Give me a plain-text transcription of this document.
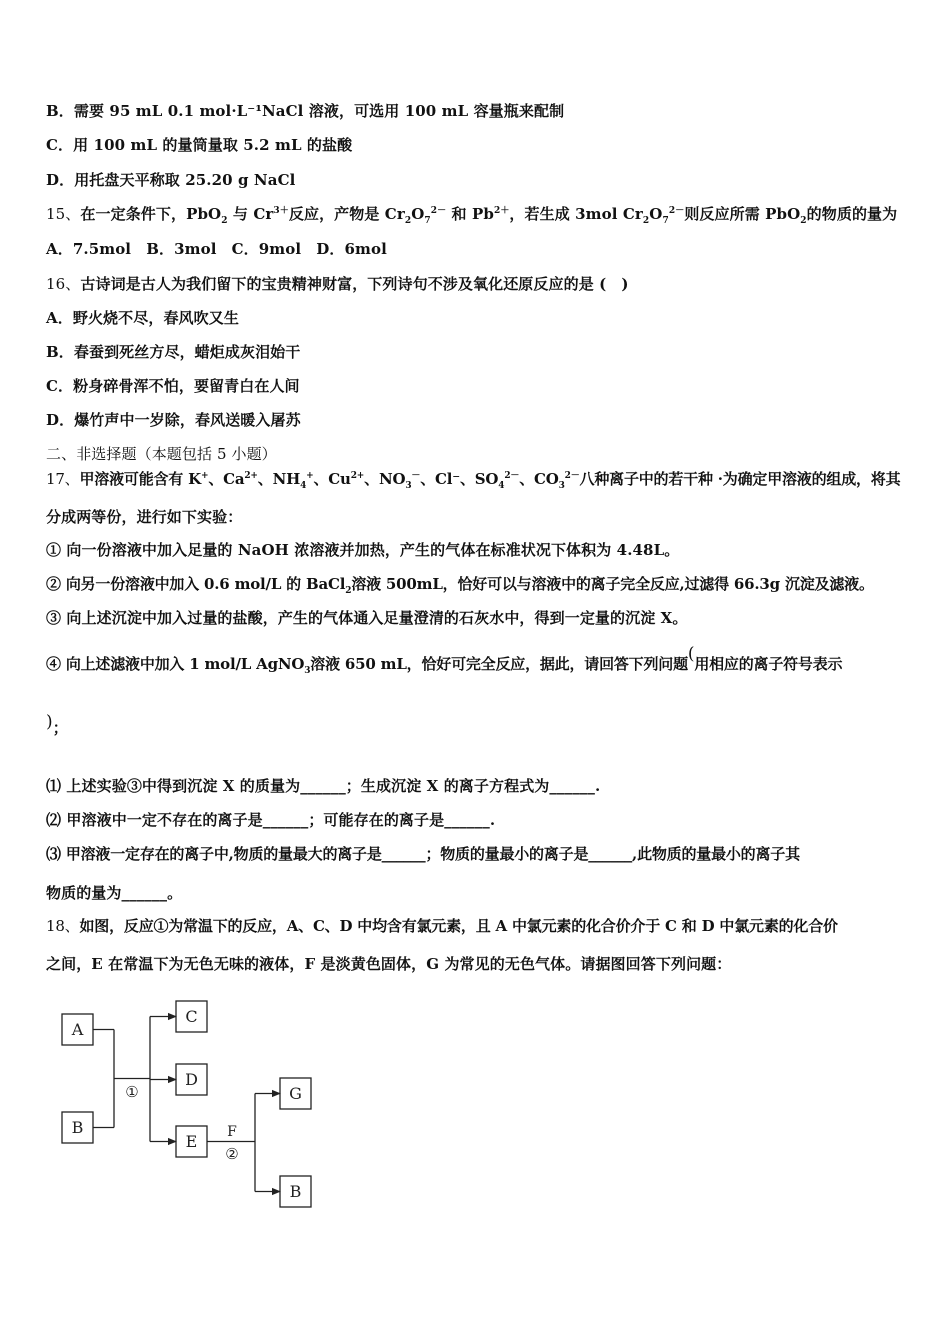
B．需要 95 mL 0.1 mol·L⁻¹NaCl 溶液，可选用 100 mL 容量瓶来配制
C．用 100 mL 的量筒量取 5.2 mL 的盐酸
D．用托盘天平称取 25.20 g NaCl
15、在一定条件下，PbO$_2$ 与 $Cr^{3+}$反应，产物是 $Cr_2O_7^{2-}$ 和 $Pb^{2+}$，若生成 3mol $Cr_2O_7^{2-}$则反应所需 PbO$_2$的物质的量为
A．7.5mol　B．3mol　C．9mol　D．6mol
16、古诗词是古人为我们留下的宝贵精神财富，下列诗句不涉及氧化还原反应的是 (　)
A．野火烧不尽，春风吹又生
B．春蚕到死丝方尽，蜡炬成灰泪始干
C．粉身碎骨浑不怕，要留青白在人间
D．爆竹声中一岁除，春风送暖入屠苏
二、非选择题（本题包括 5 小题）
17、甲溶液可能含有 K+、$Ca^{2+}$、$NH_4^+$、$Cu^{2+}$、$NO_3^-$、Cl⁻、$SO_4^{2-}$、$CO_3^{2-}$八种离子中的若干种 ·为确定甲溶液的组成，将其
分成两等份，进行如下实验：
① 向一份溶液中加入足量的 NaOH 浓溶液并加热，产生的气体在标准状况下体积为 4.48L。
② 向另一份溶液中加入 0.6 mol/L 的 BaCl$_2$溶液 500mL，恰好可以与溶液中的离子完全反应,过滤得 66.3g 沉淀及滤液。
③ 向上述沉淀中加入过量的盐酸，产生的气体通入足量澄清的石灰水中，得到一定量的沉淀 X。
④ 向上述滤液中加入 1 mol/L AgNO$_3$溶液 650 mL，恰好可完全反应，据此，请回答下列问题(用相应的离子符号表示
)；
⑴ 上述实验③中得到沉淀 X 的质量为______；生成沉淀 X 的离子方程式为______.
⑵ 甲溶液中一定不存在的离子是______；可能存在的离子是______.
⑶ 甲溶液一定存在的离子中,物质的量最大的离子是______；物质的量最小的离子是______,此物质的量最小的离子其
物质的量为______。
18、如图，反应①为常温下的反应，A、C、D 中均含有氯元素，且 A 中氯元素的化合价介于 C 和 D 中氯元素的化合价
之间，E 在常温下为无色无味的液体，F 是淡黄色固体，G 为常见的无色气体。请据图回答下列问题：
A
B
C
D
E
G
B
①
F
②
